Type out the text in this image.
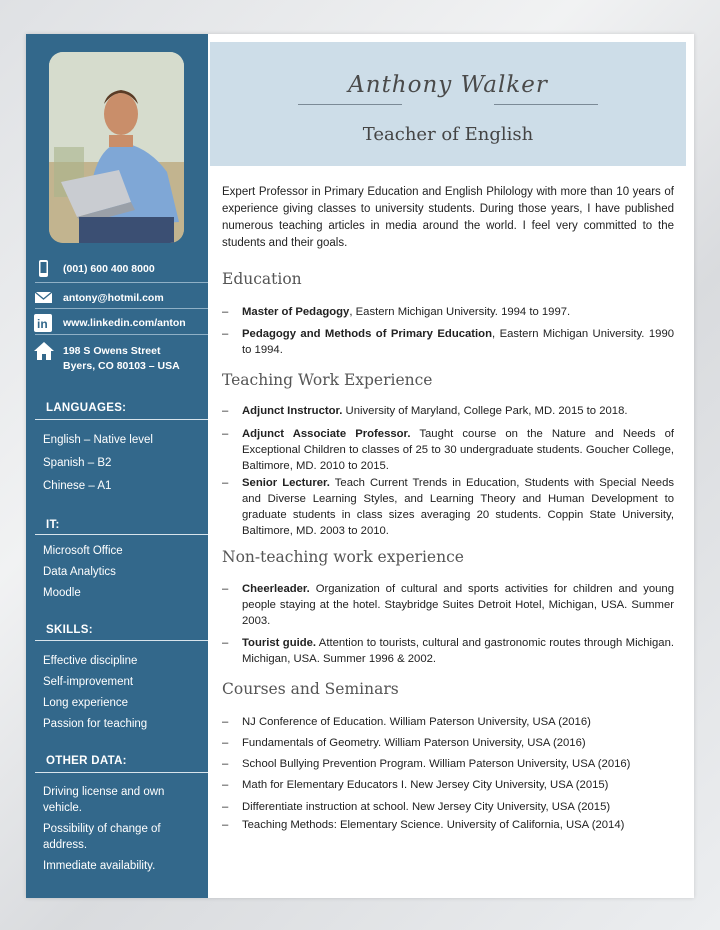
(001) 600 400 8000
antony@hotmil.com
in www.linkedin.com/anton
198 S Owens Street
Byers, CO 80103 – USA
LANGUAGES:
English – Native level
Spanish – B2
Chinese – A1
IT:
Microsoft Office
Data Analytics
Moodle
SKILLS:
Effective discipline
Self-improvement
Long experience
Passion for teaching
OTHER DATA:
Driving license and own vehicle.
Possibility of change of address.
Immediate availability.
Anthony Walker
Teacher of English
Expert Professor in Primary Education and English Philology with more than 10 years of experience giving classes to university students. During those years, I have published numerous teaching articles in media around the world. I feel very committed to the students and their goals.
Education
– Master of Pedagogy, Eastern Michigan University. 1994 to 1997.
– Pedagogy and Methods of Primary Education, Eastern Michigan University. 1990 to 1994.
Teaching Work Experience
– Adjunct Instructor. University of Maryland, College Park, MD. 2015 to 2018.
– Adjunct Associate Professor. Taught course on the Nature and Needs of Exceptional Children to classes of 25 to 30 undergraduate students. Goucher College, Baltimore, MD. 2010 to 2015.
– Senior Lecturer. Teach Current Trends in Education, Students with Special Needs and Diverse Learning Styles, and Learning Theory and Human Development to graduate students in class sizes averaging 20 students. Coppin State University, Baltimore, MD. 2003 to 2010.
Non-teaching work experience
– Cheerleader. Organization of cultural and sports activities for children and young people staying at the hotel. Staybridge Suites Detroit Hotel, Michigan, USA. Summer 2003.
– Tourist guide. Attention to tourists, cultural and gastronomic routes through Michigan. Michigan, USA. Summer 1996 & 2002.
Courses and Seminars
– NJ Conference of Education. William Paterson University, USA (2016)
– Fundamentals of Geometry. William Paterson University, USA (2016)
– School Bullying Prevention Program. William Paterson University, USA (2016)
– Math for Elementary Educators I. New Jersey City University, USA (2015)
– Differentiate instruction at school. New Jersey City University, USA (2015)
– Teaching Methods: Elementary Science. University of California, USA (2014)
